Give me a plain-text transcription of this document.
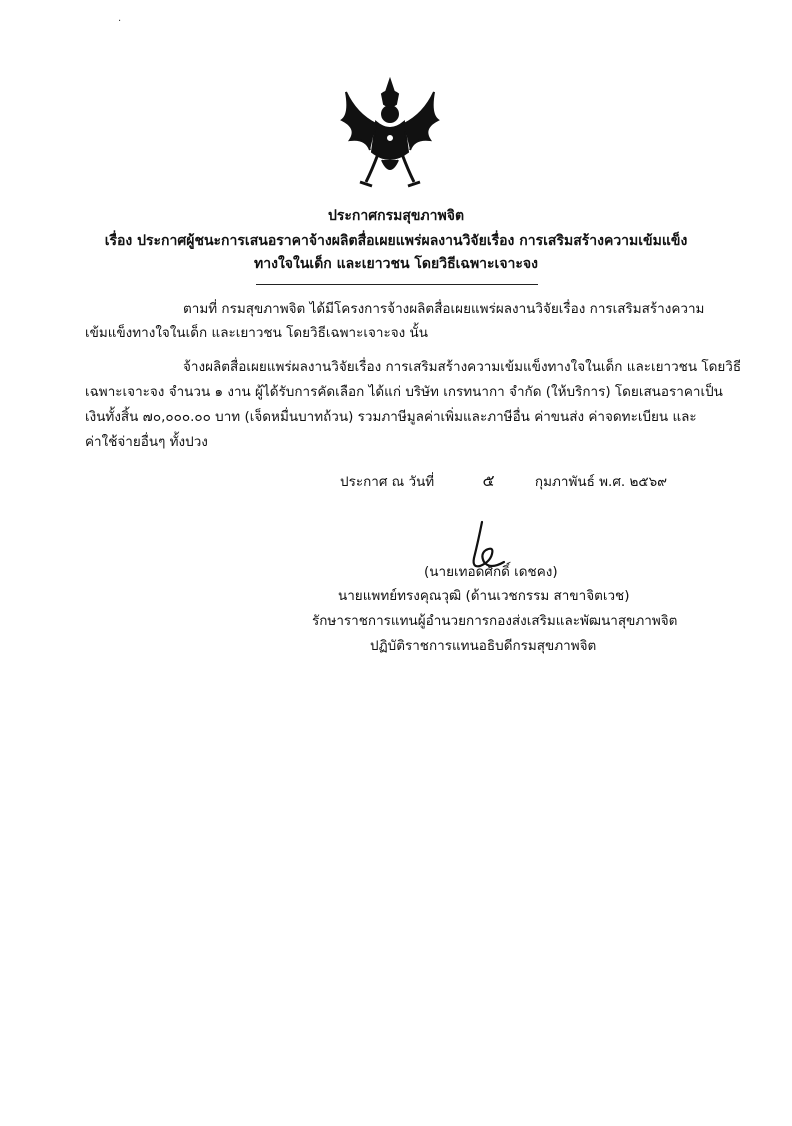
·
ประกาศกรมสุขภาพจิต
เรื่อง ประกาศผู้ชนะการเสนอราคาจ้างผลิตสื่อเผยแพร่ผลงานวิจัยเรื่อง การเสริมสร้างความเข้มแข็ง
ทางใจในเด็ก และเยาวชน โดยวิธีเฉพาะเจาะจง
ตามที่ กรมสุขภาพจิต ได้มีโครงการจ้างผลิตสื่อเผยแพร่ผลงานวิจัยเรื่อง การเสริมสร้างความ
เข้มแข็งทางใจในเด็ก และเยาวชน โดยวิธีเฉพาะเจาะจง นั้น
จ้างผลิตสื่อเผยแพร่ผลงานวิจัยเรื่อง การเสริมสร้างความเข้มแข็งทางใจในเด็ก และเยาวชน โดยวิธี
เฉพาะเจาะจง จำนวน ๑ งาน ผู้ได้รับการคัดเลือก ได้แก่ บริษัท เกรทนากา จำกัด (ให้บริการ) โดยเสนอราคาเป็น
เงินทั้งสิ้น ๗๐,๐๐๐.๐๐ บาท (เจ็ดหมื่นบาทถ้วน) รวมภาษีมูลค่าเพิ่มและภาษีอื่น ค่าขนส่ง ค่าจดทะเบียน และ
ค่าใช้จ่ายอื่นๆ ทั้งปวง
ประกาศ ณ วันที่	๕	กุมภาพันธ์ พ.ศ. ๒๕๖๙
(นายเทอดศักดิ์ เดชคง)
นายแพทย์ทรงคุณวุฒิ (ด้านเวชกรรม สาขาจิตเวช)
รักษาราชการแทนผู้อำนวยการกองส่งเสริมและพัฒนาสุขภาพจิต
ปฏิบัติราชการแทนอธิบดีกรมสุขภาพจิต
